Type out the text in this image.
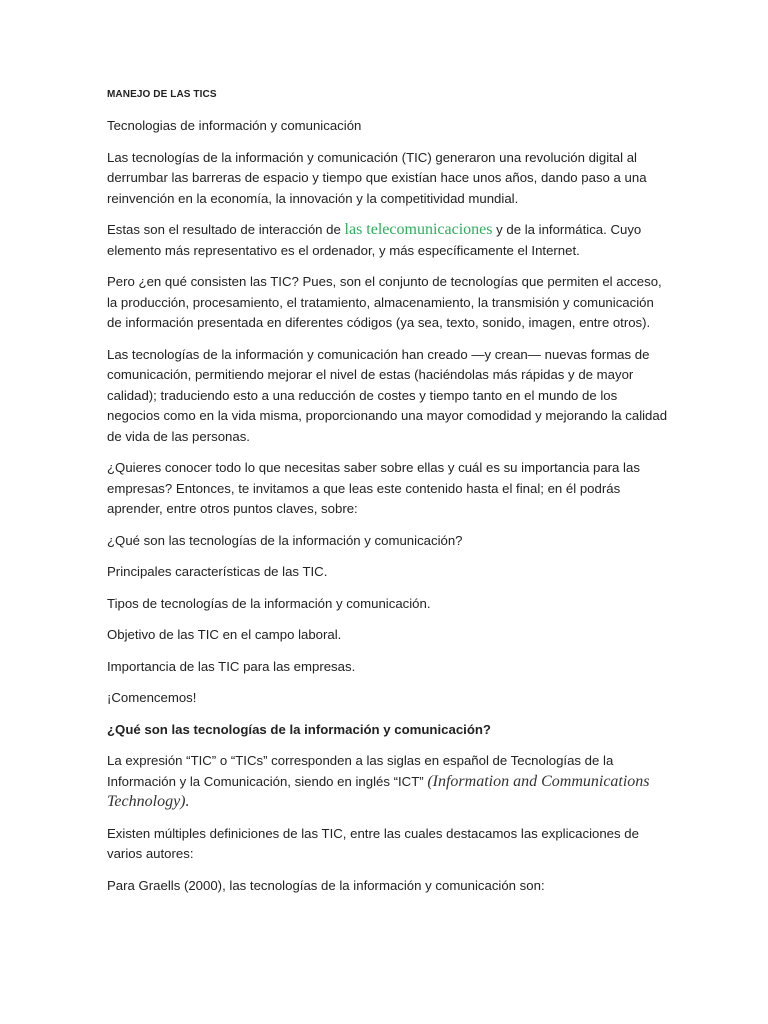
MANEJO DE LAS TICS

Tecnologias de información y comunicación

Las tecnologías de la información y comunicación (TIC) generaron una revolución digital al derrumbar las barreras de espacio y tiempo que existían hace unos años, dando paso a una reinvención en la economía, la innovación y la competitividad mundial.

Estas son el resultado de interacción de las telecomunicaciones y de la informática. Cuyo elemento más representativo es el ordenador, y más específicamente el Internet.

Pero ¿en qué consisten las TIC? Pues, son el conjunto de tecnologías que permiten el acceso, la producción, procesamiento, el tratamiento, almacenamiento, la transmisión y comunicación de información presentada en diferentes códigos (ya sea, texto, sonido, imagen, entre otros).

Las tecnologías de la información y comunicación han creado —y crean— nuevas formas de comunicación, permitiendo mejorar el nivel de estas (haciéndolas más rápidas y de mayor calidad); traduciendo esto a una reducción de costes y tiempo tanto en el mundo de los negocios como en la vida misma, proporcionando una mayor comodidad y mejorando la calidad de vida de las personas.

¿Quieres conocer todo lo que necesitas saber sobre ellas y cuál es su importancia para las empresas? Entonces, te invitamos a que leas este contenido hasta el final; en él podrás aprender, entre otros puntos claves, sobre:

¿Qué son las tecnologías de la información y comunicación?

Principales características de las TIC.

Tipos de tecnologías de la información y comunicación.

Objetivo de las TIC en el campo laboral.

Importancia de las TIC para las empresas.

¡Comencemos!

¿Qué son las tecnologías de la información y comunicación?

La expresión “TIC” o “TICs” corresponden a las siglas en español de Tecnologías de la Información y la Comunicación, siendo en inglés “ICT” (Information and Communications Technology).

Existen múltiples definiciones de las TIC, entre las cuales destacamos las explicaciones de varios autores:

Para Graells (2000), las tecnologías de la información y comunicación son:
